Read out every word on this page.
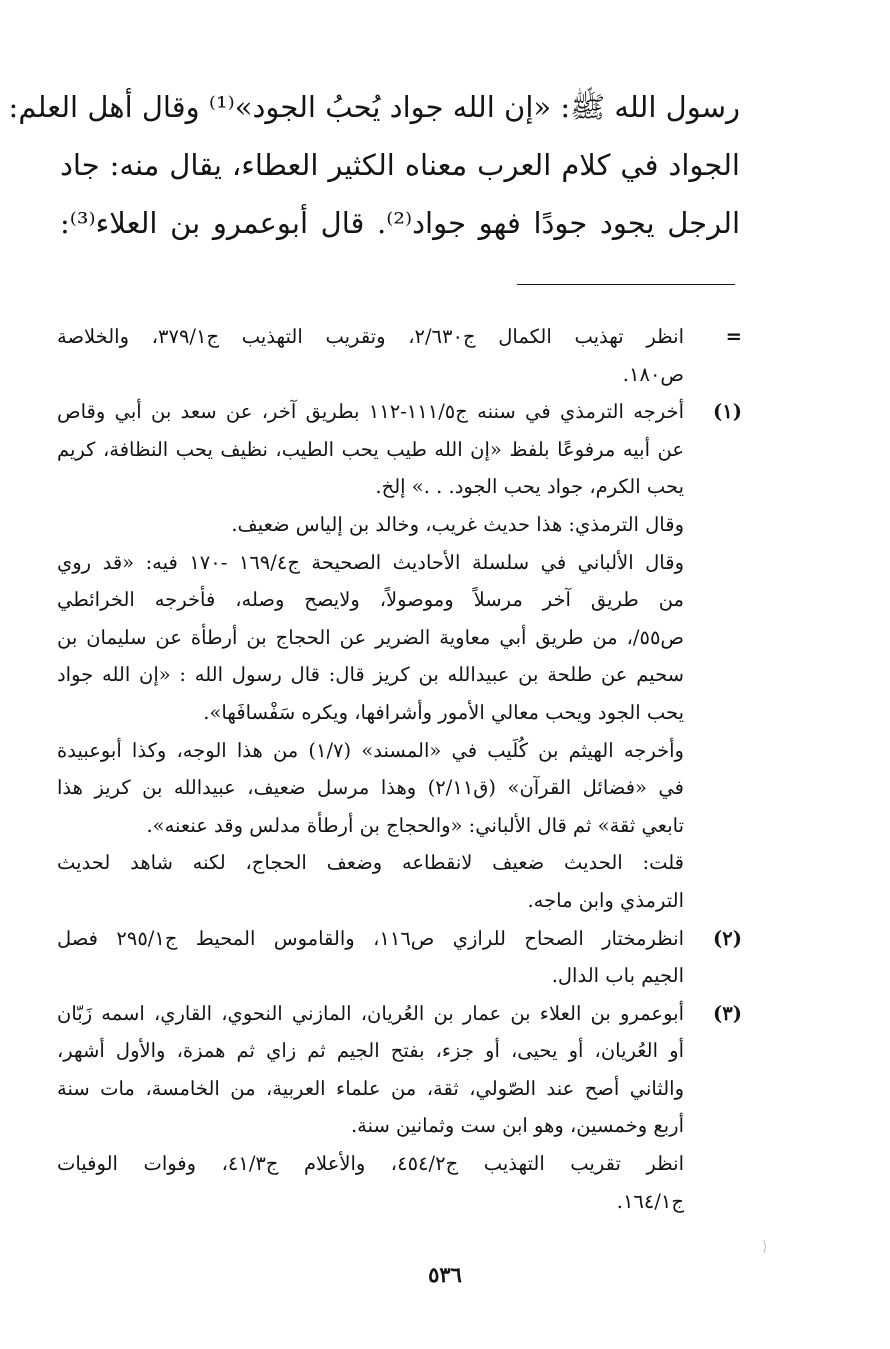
رسول الله ﷺ: «إن الله جواد يُحبُ الجود»⁽¹⁾ وقال أهل العلم:
الجواد في كلام العرب معناه الكثير العطاء، يقال منه: جاد
الرجل يجود جودًا فهو جواد⁽²⁾. قال أبوعمرو بن العلاء⁽³⁾:
=
انظر تهذيب الكمال ج٢/٦٣٠، وتقريب التهذيب ج٣٧٩/١، والخلاصة
ص١٨٠.
(١)
أخرجه الترمذي في سننه ج١١١/٥-١١٢ بطريق آخر، عن سعد بن أبي وقاص
عن أبيه مرفوعًا بلفظ «إن الله طيب يحب الطيب، نظيف يحب النظافة، كريم
يحب الكرم، جواد يحب الجود. . .» إلخ.
وقال الترمذي: هذا حديث غريب، وخالد بن إلياس ضعيف.
وقال الألباني في سلسلة الأحاديث الصحيحة ج١٦٩/٤ -١٧٠ فيه: «قد روي
من طريق آخر مرسلاً وموصولاً، ولايصح وصله، فأخرجه الخرائطي
ص٥٥/، من طريق أبي معاوية الضرير عن الحجاج بن أرطأة عن سليمان بن
سحيم عن طلحة بن عبيدالله بن كريز قال: قال رسول الله : «إن الله جواد
يحب الجود ويحب معالي الأمور وأشرافها، ويكره سَفْسافَها».
وأخرجه الهيثم بن كُلَيب في «المسند» (١/٧) من هذا الوجه، وكذا أبوعبيدة
في «فضائل القرآن» (ق٢/١١) وهذا مرسل ضعيف، عبيدالله بن كريز هذا
تابعي ثقة» ثم قال الألباني: «والحجاج بن أرطأة مدلس وقد عنعنه».
قلت: الحديث ضعيف لانقطاعه وضعف الحجاج، لكنه شاهد لحديث
الترمذي وابن ماجه.
(٢)
انظرمختار الصحاح للرازي ص١١٦، والقاموس المحيط ج٢٩٥/١ فصل
الجيم باب الدال.
(٣)
أبوعمرو بن العلاء بن عمار بن العُريان، المازني النحوي، القاري، اسمه زَبّان
أو العُريان، أو يحيى، أو جزء، بفتح الجيم ثم زاي ثم همزة، والأول أشهر،
والثاني أصح عند الصّولي، ثقة، من علماء العربية، من الخامسة، مات سنة
أربع وخمسين، وهو ابن ست وثمانين سنة.
انظر تقريب التهذيب ج٤٥٤/٢، والأعلام ج٤١/٣، وفوات الوفيات
ج١٦٤/١.
⟨
٥٣٦
